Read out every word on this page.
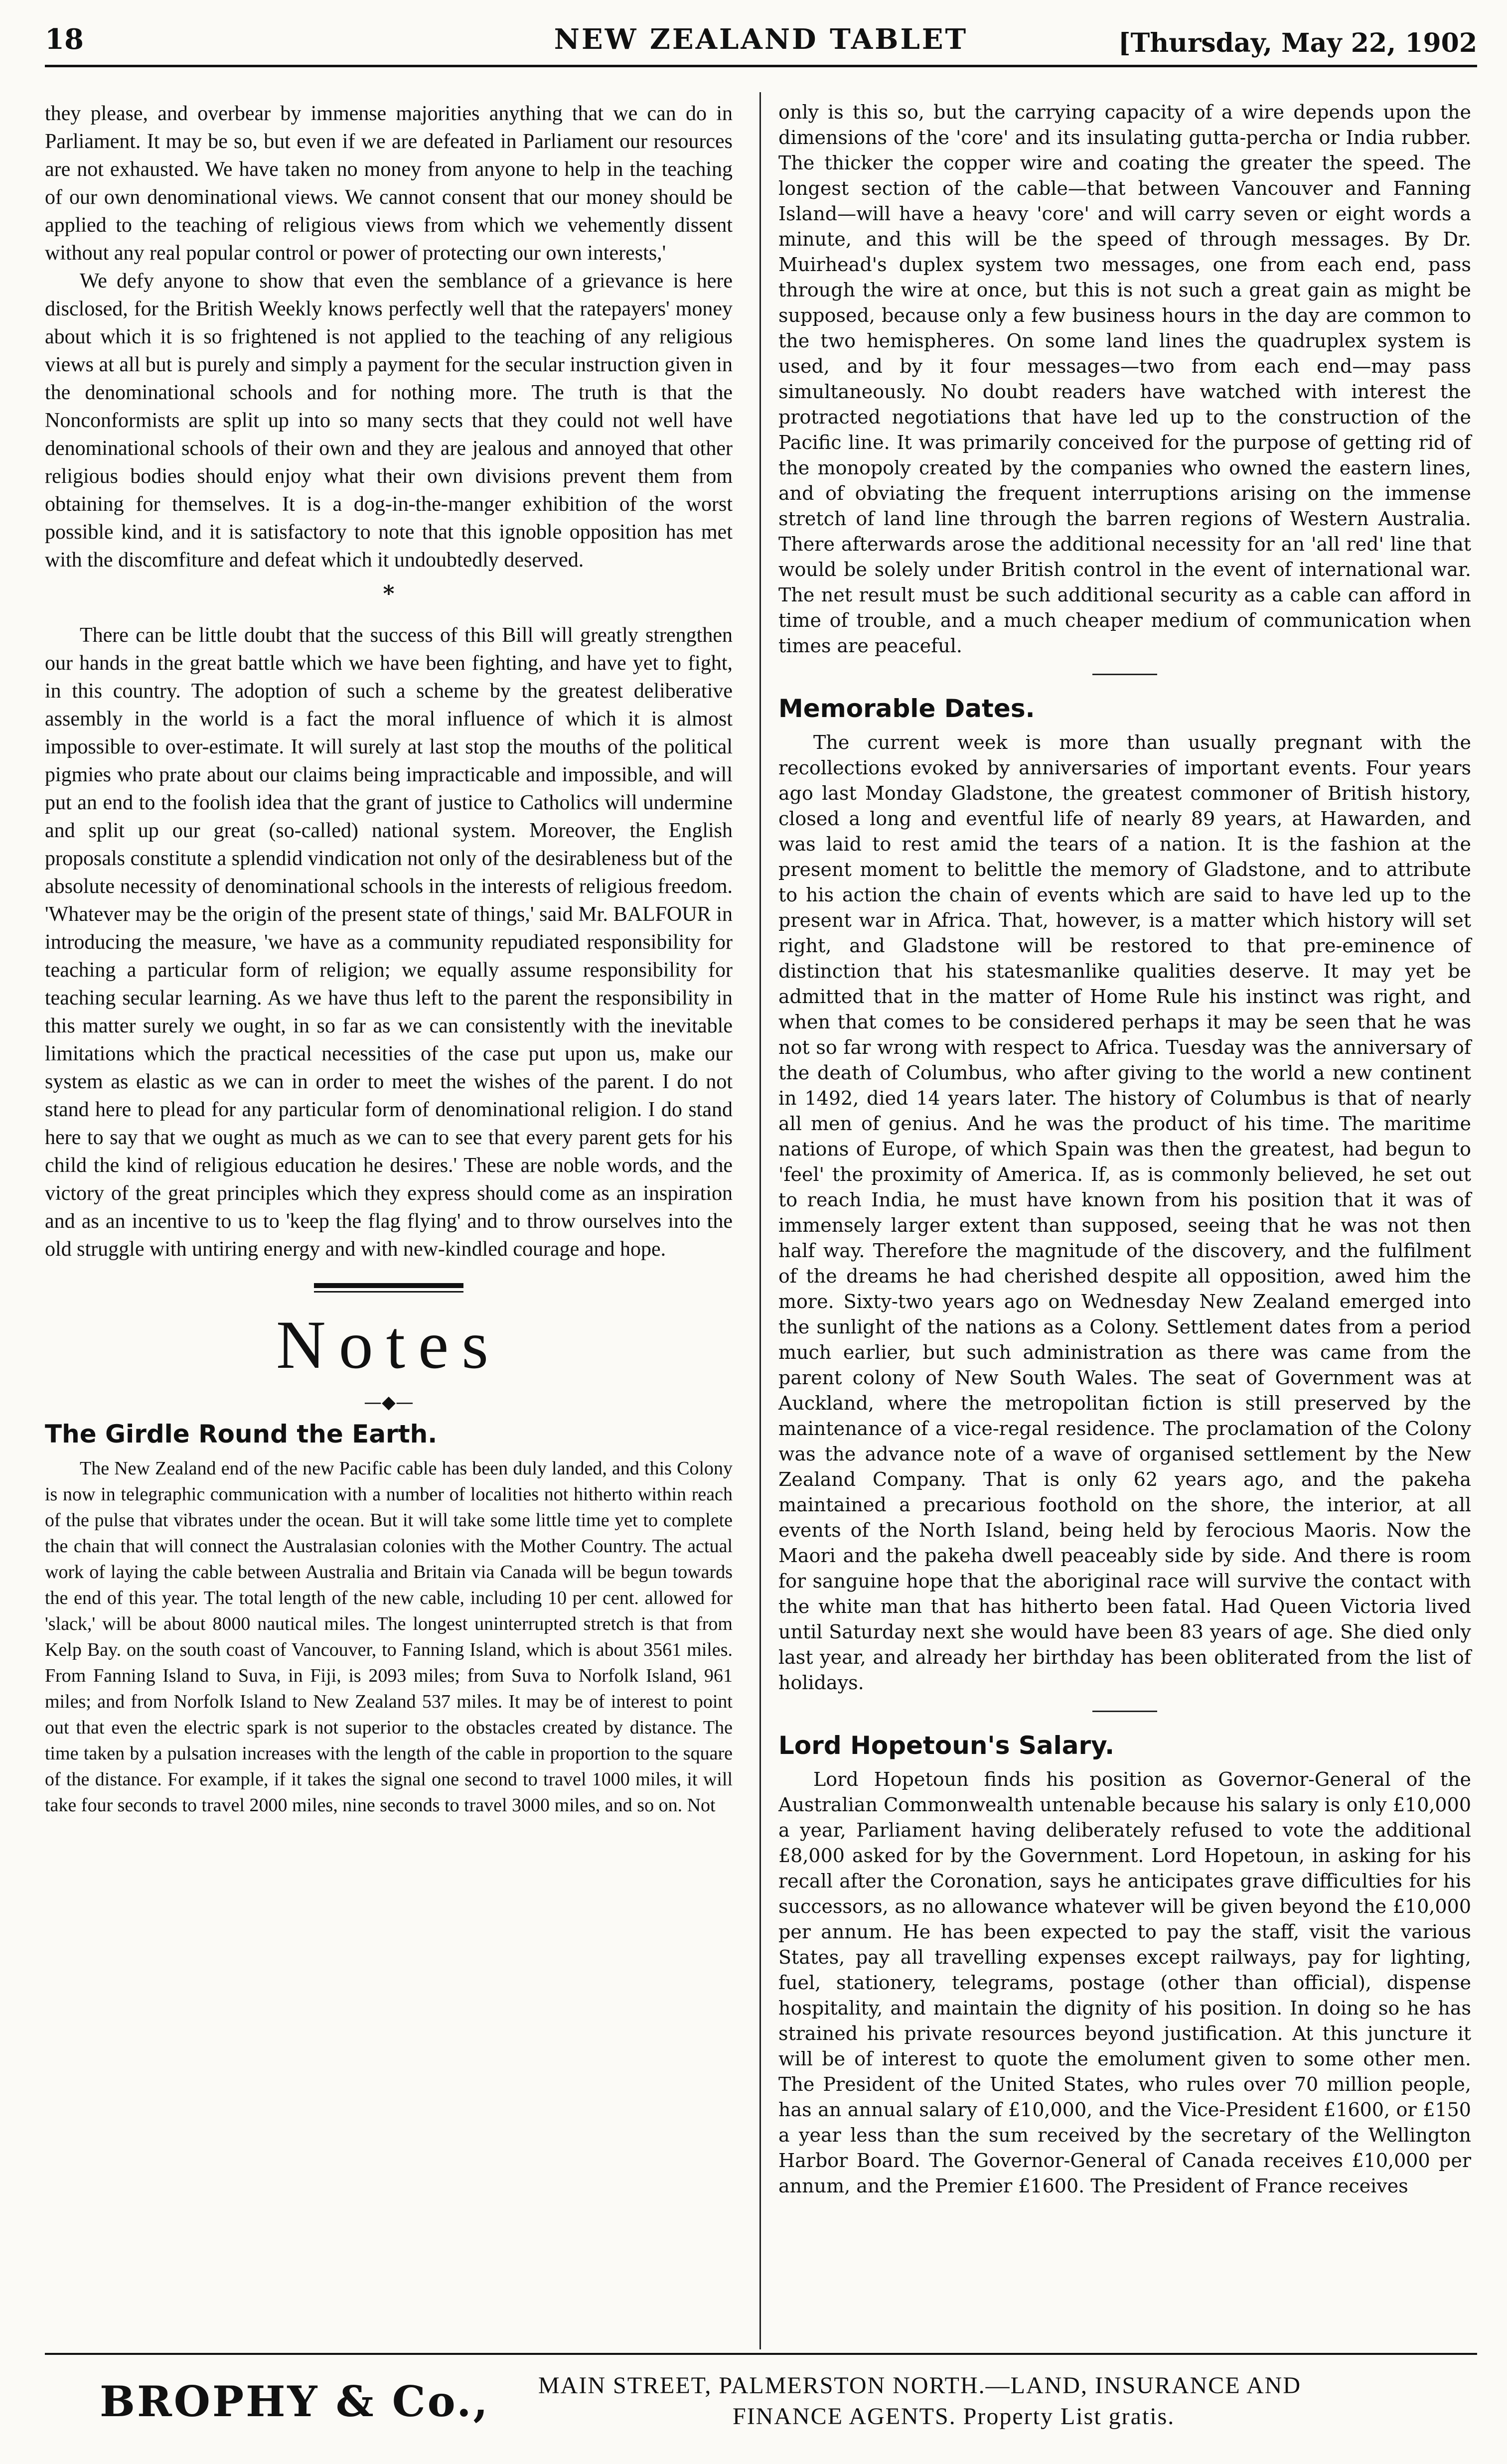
18	NEW ZEALAND TABLET	[Thursday, May 22, 1902

they please, and overbear by immense majorities anything that we can do in Parliament. It may be so, but even if we are defeated in Parliament our resources are not exhausted. We have taken no money from anyone to help in the teaching of our own denominational views. We cannot consent that our money should be applied to the teaching of religious views from which we vehemently dissent without any real popular control or power of protecting our own interests,'

We defy anyone to show that even the semblance of a grievance is here disclosed, for the British Weekly knows perfectly well that the ratepayers' money about which it is so frightened is not applied to the teaching of any religious views at all but is purely and simply a payment for the secular instruction given in the denominational schools and for nothing more. The truth is that the Nonconformists are split up into so many sects that they could not well have denominational schools of their own and they are jealous and annoyed that other religious bodies should enjoy what their own divisions prevent them from obtaining for themselves. It is a dog-in-the-manger exhibition of the worst possible kind, and it is satisfactory to note that this ignoble opposition has met with the discomfiture and defeat which it undoubtedly deserved.

*

There can be little doubt that the success of this Bill will greatly strengthen our hands in the great battle which we have been fighting, and have yet to fight, in this country. The adoption of such a scheme by the greatest deliberative assembly in the world is a fact the moral influence of which it is almost impossible to over-estimate. It will surely at last stop the mouths of the political pigmies who prate about our claims being impracticable and impossible, and will put an end to the foolish idea that the grant of justice to Catholics will undermine and split up our great (so-called) national system. Moreover, the English proposals constitute a splendid vindication not only of the desirableness but of the absolute necessity of denominational schools in the interests of religious freedom. 'Whatever may be the origin of the present state of things,' said Mr. BALFOUR in introducing the measure, 'we have as a community repudiated responsibility for teaching a particular form of religion; we equally assume responsibility for teaching secular learning. As we have thus left to the parent the responsibility in this matter surely we ought, in so far as we can consistently with the inevitable limitations which the practical necessities of the case put upon us, make our system as elastic as we can in order to meet the wishes of the parent. I do not stand here to plead for any particular form of denominational religion. I do stand here to say that we ought as much as we can to see that every parent gets for his child the kind of religious education he desires.' These are noble words, and the victory of the great principles which they express should come as an inspiration and as an incentive to us to 'keep the flag flying' and to throw ourselves into the old struggle with untiring energy and with new-kindled courage and hope.

Notes
—◆—
The Girdle Round the Earth.

The New Zealand end of the new Pacific cable has been duly landed, and this Colony is now in telegraphic communication with a number of localities not hitherto within reach of the pulse that vibrates under the ocean. But it will take some little time yet to complete the chain that will connect the Australasian colonies with the Mother Country. The actual work of laying the cable between Australia and Britain via Canada will be begun towards the end of this year. The total length of the new cable, including 10 per cent. allowed for 'slack,' will be about 8000 nautical miles. The longest uninterrupted stretch is that from Kelp Bay. on the south coast of Vancouver, to Fanning Island, which is about 3561 miles. From Fanning Island to Suva, in Fiji, is 2093 miles; from Suva to Norfolk Island, 961 miles; and from Norfolk Island to New Zealand 537 miles. It may be of interest to point out that even the electric spark is not superior to the obstacles created by distance. The time taken by a pulsation increases with the length of the cable in proportion to the square of the distance. For example, if it takes the signal one second to travel 1000 miles, it will take four seconds to travel 2000 miles, nine seconds to travel 3000 miles, and so on. Not

only is this so, but the carrying capacity of a wire depends upon the dimensions of the 'core' and its insulating gutta-percha or India rubber. The thicker the copper wire and coating the greater the speed. The longest section of the cable—that between Vancouver and Fanning Island—will have a heavy 'core' and will carry seven or eight words a minute, and this will be the speed of through messages. By Dr. Muirhead's duplex system two messages, one from each end, pass through the wire at once, but this is not such a great gain as might be supposed, because only a few business hours in the day are common to the two hemispheres. On some land lines the quadruplex system is used, and by it four messages—two from each end—may pass simultaneously. No doubt readers have watched with interest the protracted negotiations that have led up to the construction of the Pacific line. It was primarily conceived for the purpose of getting rid of the monopoly created by the companies who owned the eastern lines, and of obviating the frequent interruptions arising on the immense stretch of land line through the barren regions of Western Australia. There afterwards arose the additional necessity for an 'all red' line that would be solely under British control in the event of international war. The net result must be such additional security as a cable can afford in time of trouble, and a much cheaper medium of communication when times are peaceful.

Memorable Dates.

The current week is more than usually pregnant with the recollections evoked by anniversaries of important events. Four years ago last Monday Gladstone, the greatest commoner of British history, closed a long and eventful life of nearly 89 years, at Hawarden, and was laid to rest amid the tears of a nation. It is the fashion at the present moment to belittle the memory of Gladstone, and to attribute to his action the chain of events which are said to have led up to the present war in Africa. That, however, is a matter which history will set right, and Gladstone will be restored to that pre-eminence of distinction that his statesmanlike qualities deserve. It may yet be admitted that in the matter of Home Rule his instinct was right, and when that comes to be considered perhaps it may be seen that he was not so far wrong with respect to Africa. Tuesday was the anniversary of the death of Columbus, who after giving to the world a new continent in 1492, died 14 years later. The history of Columbus is that of nearly all men of genius. And he was the product of his time. The maritime nations of Europe, of which Spain was then the greatest, had begun to 'feel' the proximity of America. If, as is commonly believed, he set out to reach India, he must have known from his position that it was of immensely larger extent than supposed, seeing that he was not then half way. Therefore the magnitude of the discovery, and the fulfilment of the dreams he had cherished despite all opposition, awed him the more. Sixty-two years ago on Wednesday New Zealand emerged into the sunlight of the nations as a Colony. Settlement dates from a period much earlier, but such administration as there was came from the parent colony of New South Wales. The seat of Government was at Auckland, where the metropolitan fiction is still preserved by the maintenance of a vice-regal residence. The proclamation of the Colony was the advance note of a wave of organised settlement by the New Zealand Company. That is only 62 years ago, and the pakeha maintained a precarious foothold on the shore, the interior, at all events of the North Island, being held by ferocious Maoris. Now the Maori and the pakeha dwell peaceably side by side. And there is room for sanguine hope that the aboriginal race will survive the contact with the white man that has hitherto been fatal. Had Queen Victoria lived until Saturday next she would have been 83 years of age. She died only last year, and already her birthday has been obliterated from the list of holidays.

Lord Hopetoun's Salary.

Lord Hopetoun finds his position as Governor-General of the Australian Commonwealth untenable because his salary is only £10,000 a year, Parliament having deliberately refused to vote the additional £8,000 asked for by the Government. Lord Hopetoun, in asking for his recall after the Coronation, says he anticipates grave difficulties for his successors, as no allowance whatever will be given beyond the £10,000 per annum. He has been expected to pay the staff, visit the various States, pay all travelling expenses except railways, pay for lighting, fuel, stationery, telegrams, postage (other than official), dispense hospitality, and maintain the dignity of his position. In doing so he has strained his private resources beyond justification. At this juncture it will be of interest to quote the emolument given to some other men. The President of the United States, who rules over 70 million people, has an annual salary of £10,000, and the Vice-President £1600, or £150 a year less than the sum received by the secretary of the Wellington Harbor Board. The Governor-General of Canada receives £10,000 per annum, and the Premier £1600. The President of France receives

BROPHY & Co., MAIN STREET, PALMERSTON NORTH.—LAND, INSURANCE AND
FINANCE AGENTS. Property List gratis.
